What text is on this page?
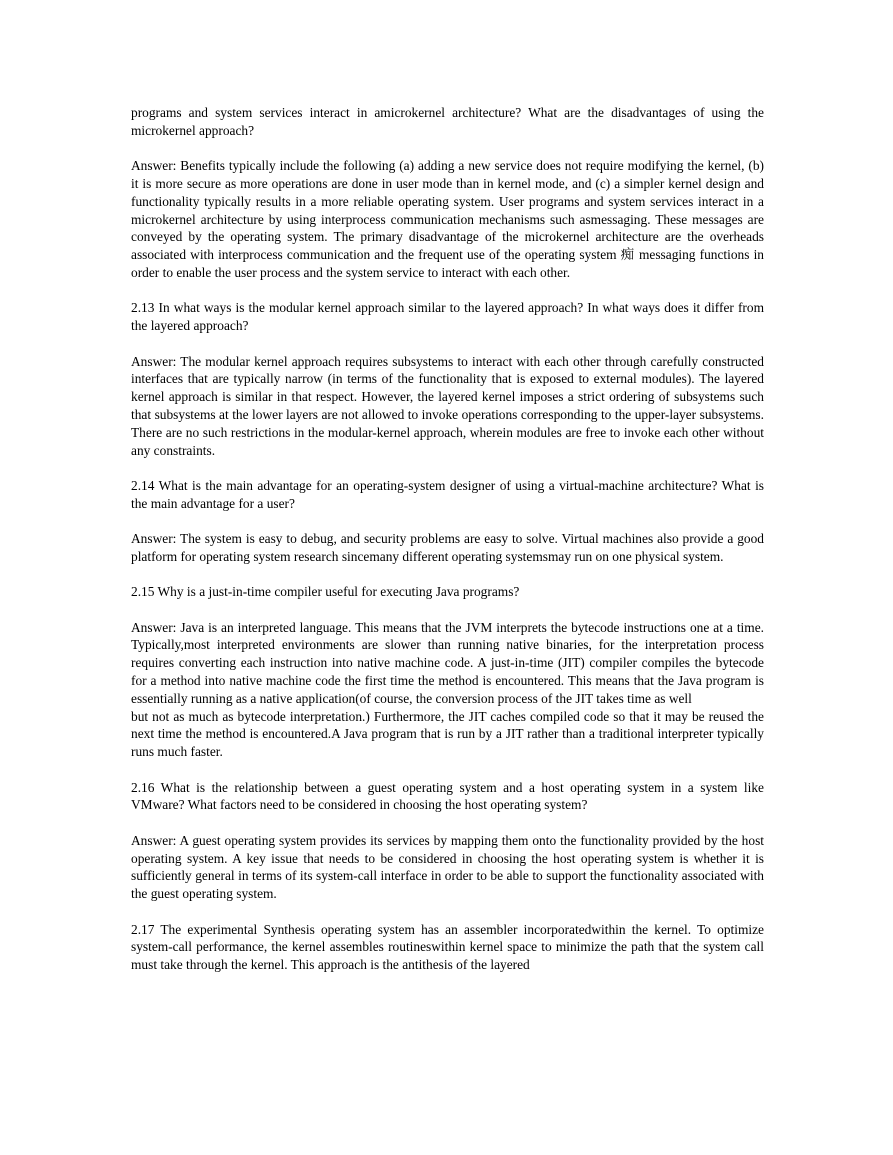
programs and system services interact in amicrokernel architecture? What are the disadvantages of using the microkernel approach?

Answer: Benefits typically include the following (a) adding a new service does not require modifying the kernel, (b) it is more secure as more operations are done in user mode than in kernel mode, and (c) a simpler kernel design and functionality typically results in a more reliable operating system. User programs and system services interact in a microkernel architecture by using interprocess communication mechanisms such asmessaging. These messages are conveyed by the operating system. The primary disadvantage of the microkernel architecture are the overheads associated with interprocess communication and the frequent use of the operating system 痴 messaging functions in order to enable the user process and the system service to interact with each other.

2.13 In what ways is the modular kernel approach similar to the layered approach? In what ways does it differ from the layered approach?

Answer: The modular kernel approach requires subsystems to interact with each other through carefully constructed interfaces that are typically narrow (in terms of the functionality that is exposed to external modules). The layered kernel approach is similar in that respect. However, the layered kernel imposes a strict ordering of subsystems such that subsystems at the lower layers are not allowed to invoke operations corresponding to the upper-layer subsystems. There are no such restrictions in the modular-kernel approach, wherein modules are free to invoke each other without any constraints.

2.14 What is the main advantage for an operating-system designer of using a virtual-machine architecture? What is the main advantage for a user?

Answer: The system is easy to debug, and security problems are easy to solve. Virtual machines also provide a good platform for operating system research sincemany different operating systemsmay run on one physical system.

2.15 Why is a just-in-time compiler useful for executing Java programs?

Answer: Java is an interpreted language. This means that the JVM interprets the bytecode instructions one at a time. Typically,most interpreted environments are slower than running native binaries, for the interpretation process requires converting each instruction into native machine code. A just-in-time (JIT) compiler compiles the bytecode for a method into native machine code the first time the method is encountered. This means that the Java program is essentially running as a native application(of course, the conversion process of the JIT takes time as well
but not as much as bytecode interpretation.) Furthermore, the JIT caches compiled code so that it may be reused the next time the method is encountered.A Java program that is run by a JIT rather than a traditional interpreter typically runs much faster.

2.16 What is the relationship between a guest operating system and a host operating system in a system like VMware? What factors need to be considered in choosing the host operating system?

Answer: A guest operating system provides its services by mapping them onto the functionality provided by the host operating system. A key issue that needs to be considered in choosing the host operating system is whether it is sufficiently general in terms of its system-call interface in order to be able to support the functionality associated with the guest operating system.

2.17 The experimental Synthesis operating system has an assembler incorporatedwithin the kernel. To optimize system-call performance, the kernel assembles routineswithin kernel space to minimize the path that the system call must take through the kernel. This approach is the antithesis of the layered
